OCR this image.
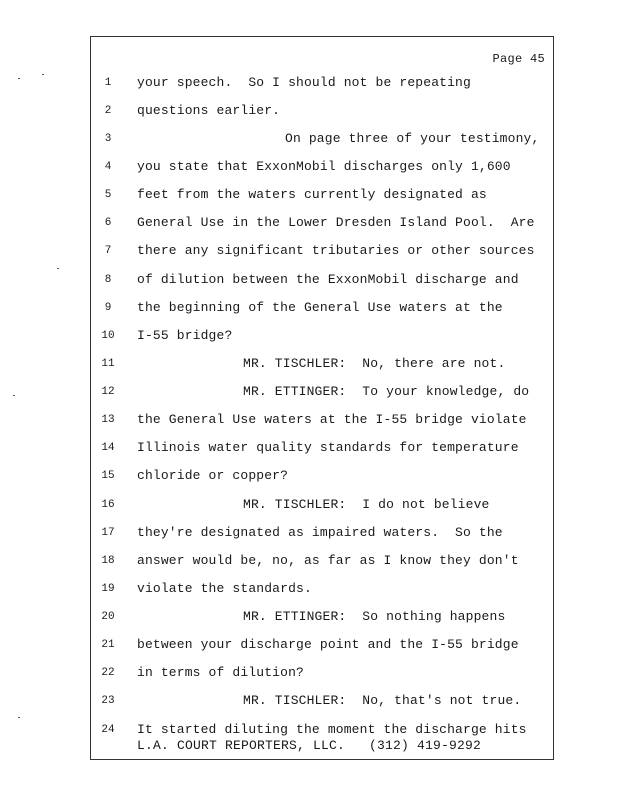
Page 45
1	your speech.  So I should not be repeating
2	questions earlier.
3	On page three of your testimony,
4	you state that ExxonMobil discharges only 1,600
5	feet from the waters currently designated as
6	General Use in the Lower Dresden Island Pool.  Are
7	there any significant tributaries or other sources
8	of dilution between the ExxonMobil discharge and
9	the beginning of the General Use waters at the
10	I-55 bridge?
11	MR. TISCHLER:  No, there are not.
12	MR. ETTINGER:  To your knowledge, do
13	the General Use waters at the I-55 bridge violate
14	Illinois water quality standards for temperature
15	chloride or copper?
16	MR. TISCHLER:  I do not believe
17	they're designated as impaired waters.  So the
18	answer would be, no, as far as I know they don't
19	violate the standards.
20	MR. ETTINGER:  So nothing happens
21	between your discharge point and the I-55 bridge
22	in terms of dilution?
23	MR. TISCHLER:  No, that's not true.
24	It started diluting the moment the discharge hits
L.A. COURT REPORTERS, LLC.   (312) 419-9292
